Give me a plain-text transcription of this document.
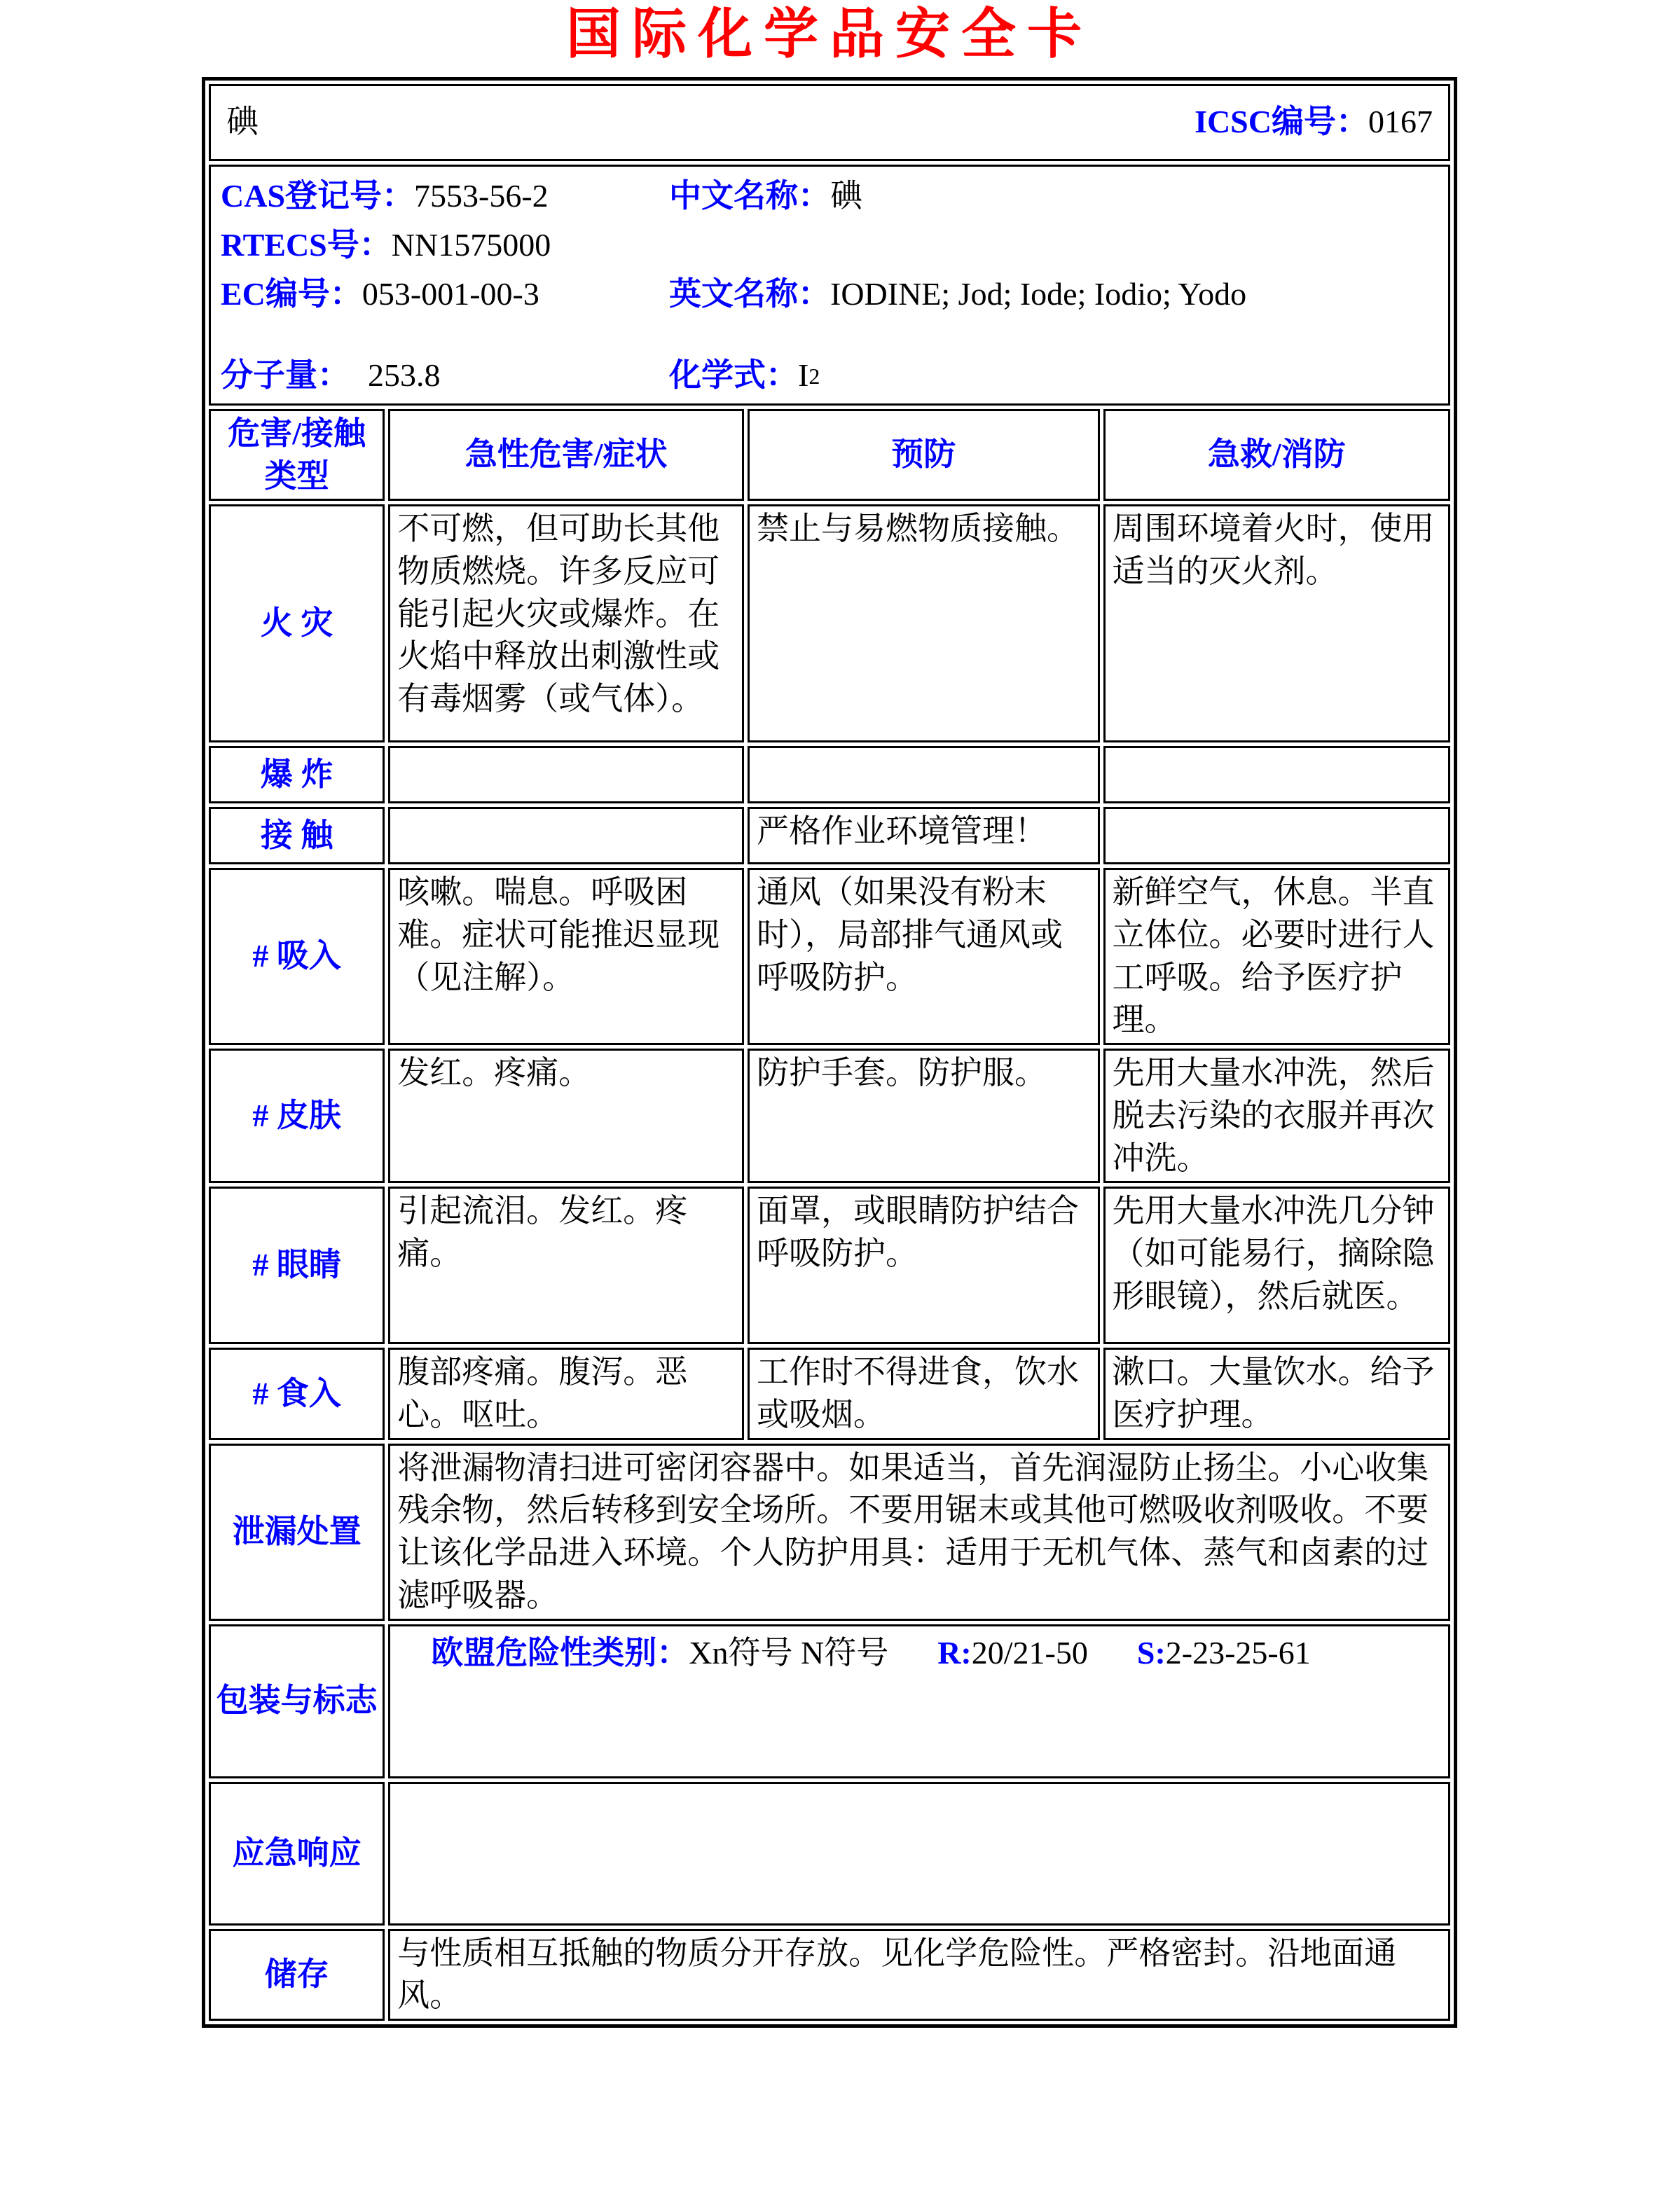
国际化学品安全卡
碘 ICSC编号：0167			

CAS登记号： 7553-56-2	中文名称： 碘
RTECS号： NN1575000
EC编号： 053-001-00-3	英文名称： IODINE; Jod; Iode; Iodio; Yodo
分子量： 253.8	化学式： I 2

危害/接触
类型	急性危害/症状	预防	急救/消防
火 灾	不可燃，但可助长其他物质燃烧。许多反应可能引起火灾或爆炸。在火焰中释放出刺激性或有毒烟雾（或气体）。	禁止与易燃物质接触。	周围环境着火时，使用适当的灭火剂。
爆 炸			
接 触		严格作业环境管理！	
# 吸入	咳嗽。喘息。呼吸困难。症状可能推迟显现（见注解）。	通风（如果没有粉末时），局部排气通风或呼吸防护。	新鲜空气，休息。半直立体位。必要时进行人工呼吸。给予医疗护理。
# 皮肤	发红。疼痛。	防护手套。防护服。	先用大量水冲洗，然后脱去污染的衣服并再次冲洗。
# 眼睛	引起流泪。发红。疼痛。	面罩，或眼睛防护结合呼吸防护。	先用大量水冲洗几分钟（如可能易行，摘除隐形眼镜），然后就医。
# 食入	腹部疼痛。腹泻。恶心。呕吐。	工作时不得进食，饮水或吸烟。	漱口。大量饮水。给予医疗护理。
泄漏处置	将泄漏物清扫进可密闭容器中。如果适当，首先润湿防止扬尘。小心收集残余物，然后转移到安全场所。不要用锯末或其他可燃吸收剂吸收。不要让该化学品进入环境。个人防护用具：适用于无机气体、蒸气和卤素的过滤呼吸器。		
包装与标志	欧盟危险性类别：Xn符号 N符号 R:20/21-50 S:2-23-25-61		

应急响应			
储存	与性质相互抵触的物质分开存放。见化学危险性。严格密封。沿地面通风。		
